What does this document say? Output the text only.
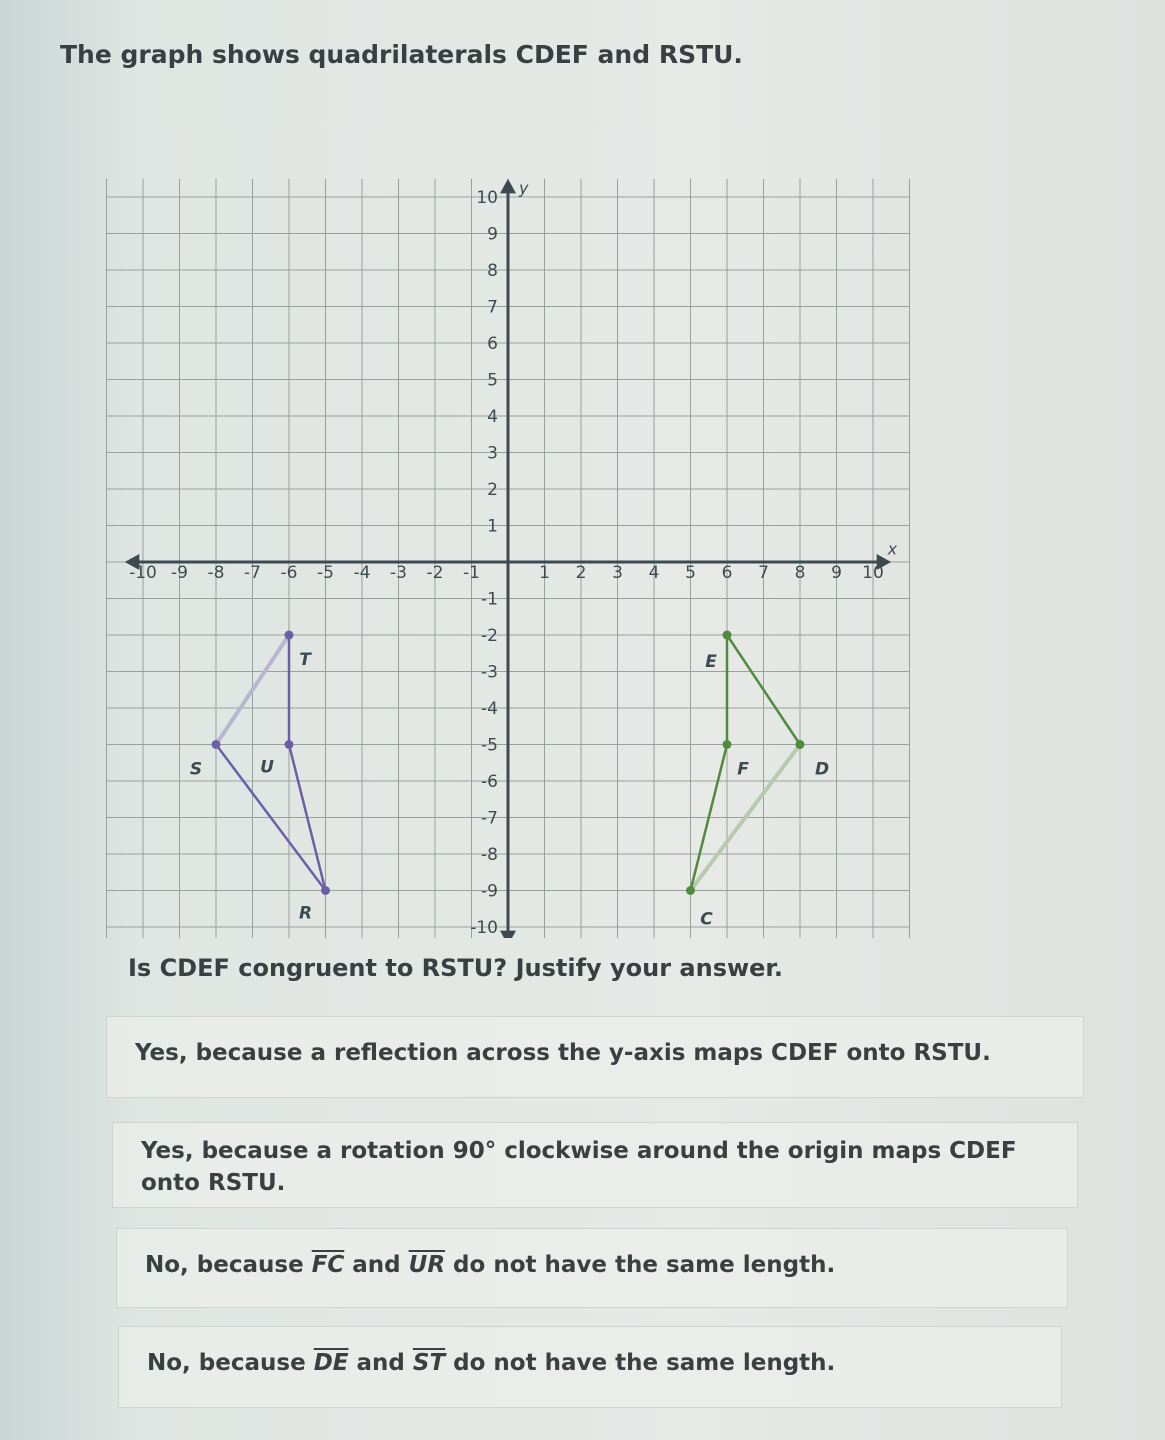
The graph shows quadrilaterals CDEF and RSTU.
x
y
-10 -9 -8 -7 -6 -5 -4 -3 -2 -1	1 2 3 4 5 6 7 8 9 10
10
9
8
7
6
5
4
3
2
1
-1
-2
-3
-4
-5
-6
-7
-8
-9
-10
R
S
T
U
C
D
E
F
Is CDEF congruent to RSTU? Justify your answer.
Yes, because a reflection across the y-axis maps CDEF onto RSTU.
Yes, because a rotation 90° clockwise around the origin maps CDEF onto RSTU.
No, because $\overline{FC}$ and $\overline{UR}$ do not have the same length.
No, because $\overline{DE}$ and $\overline{ST}$ do not have the same length.
